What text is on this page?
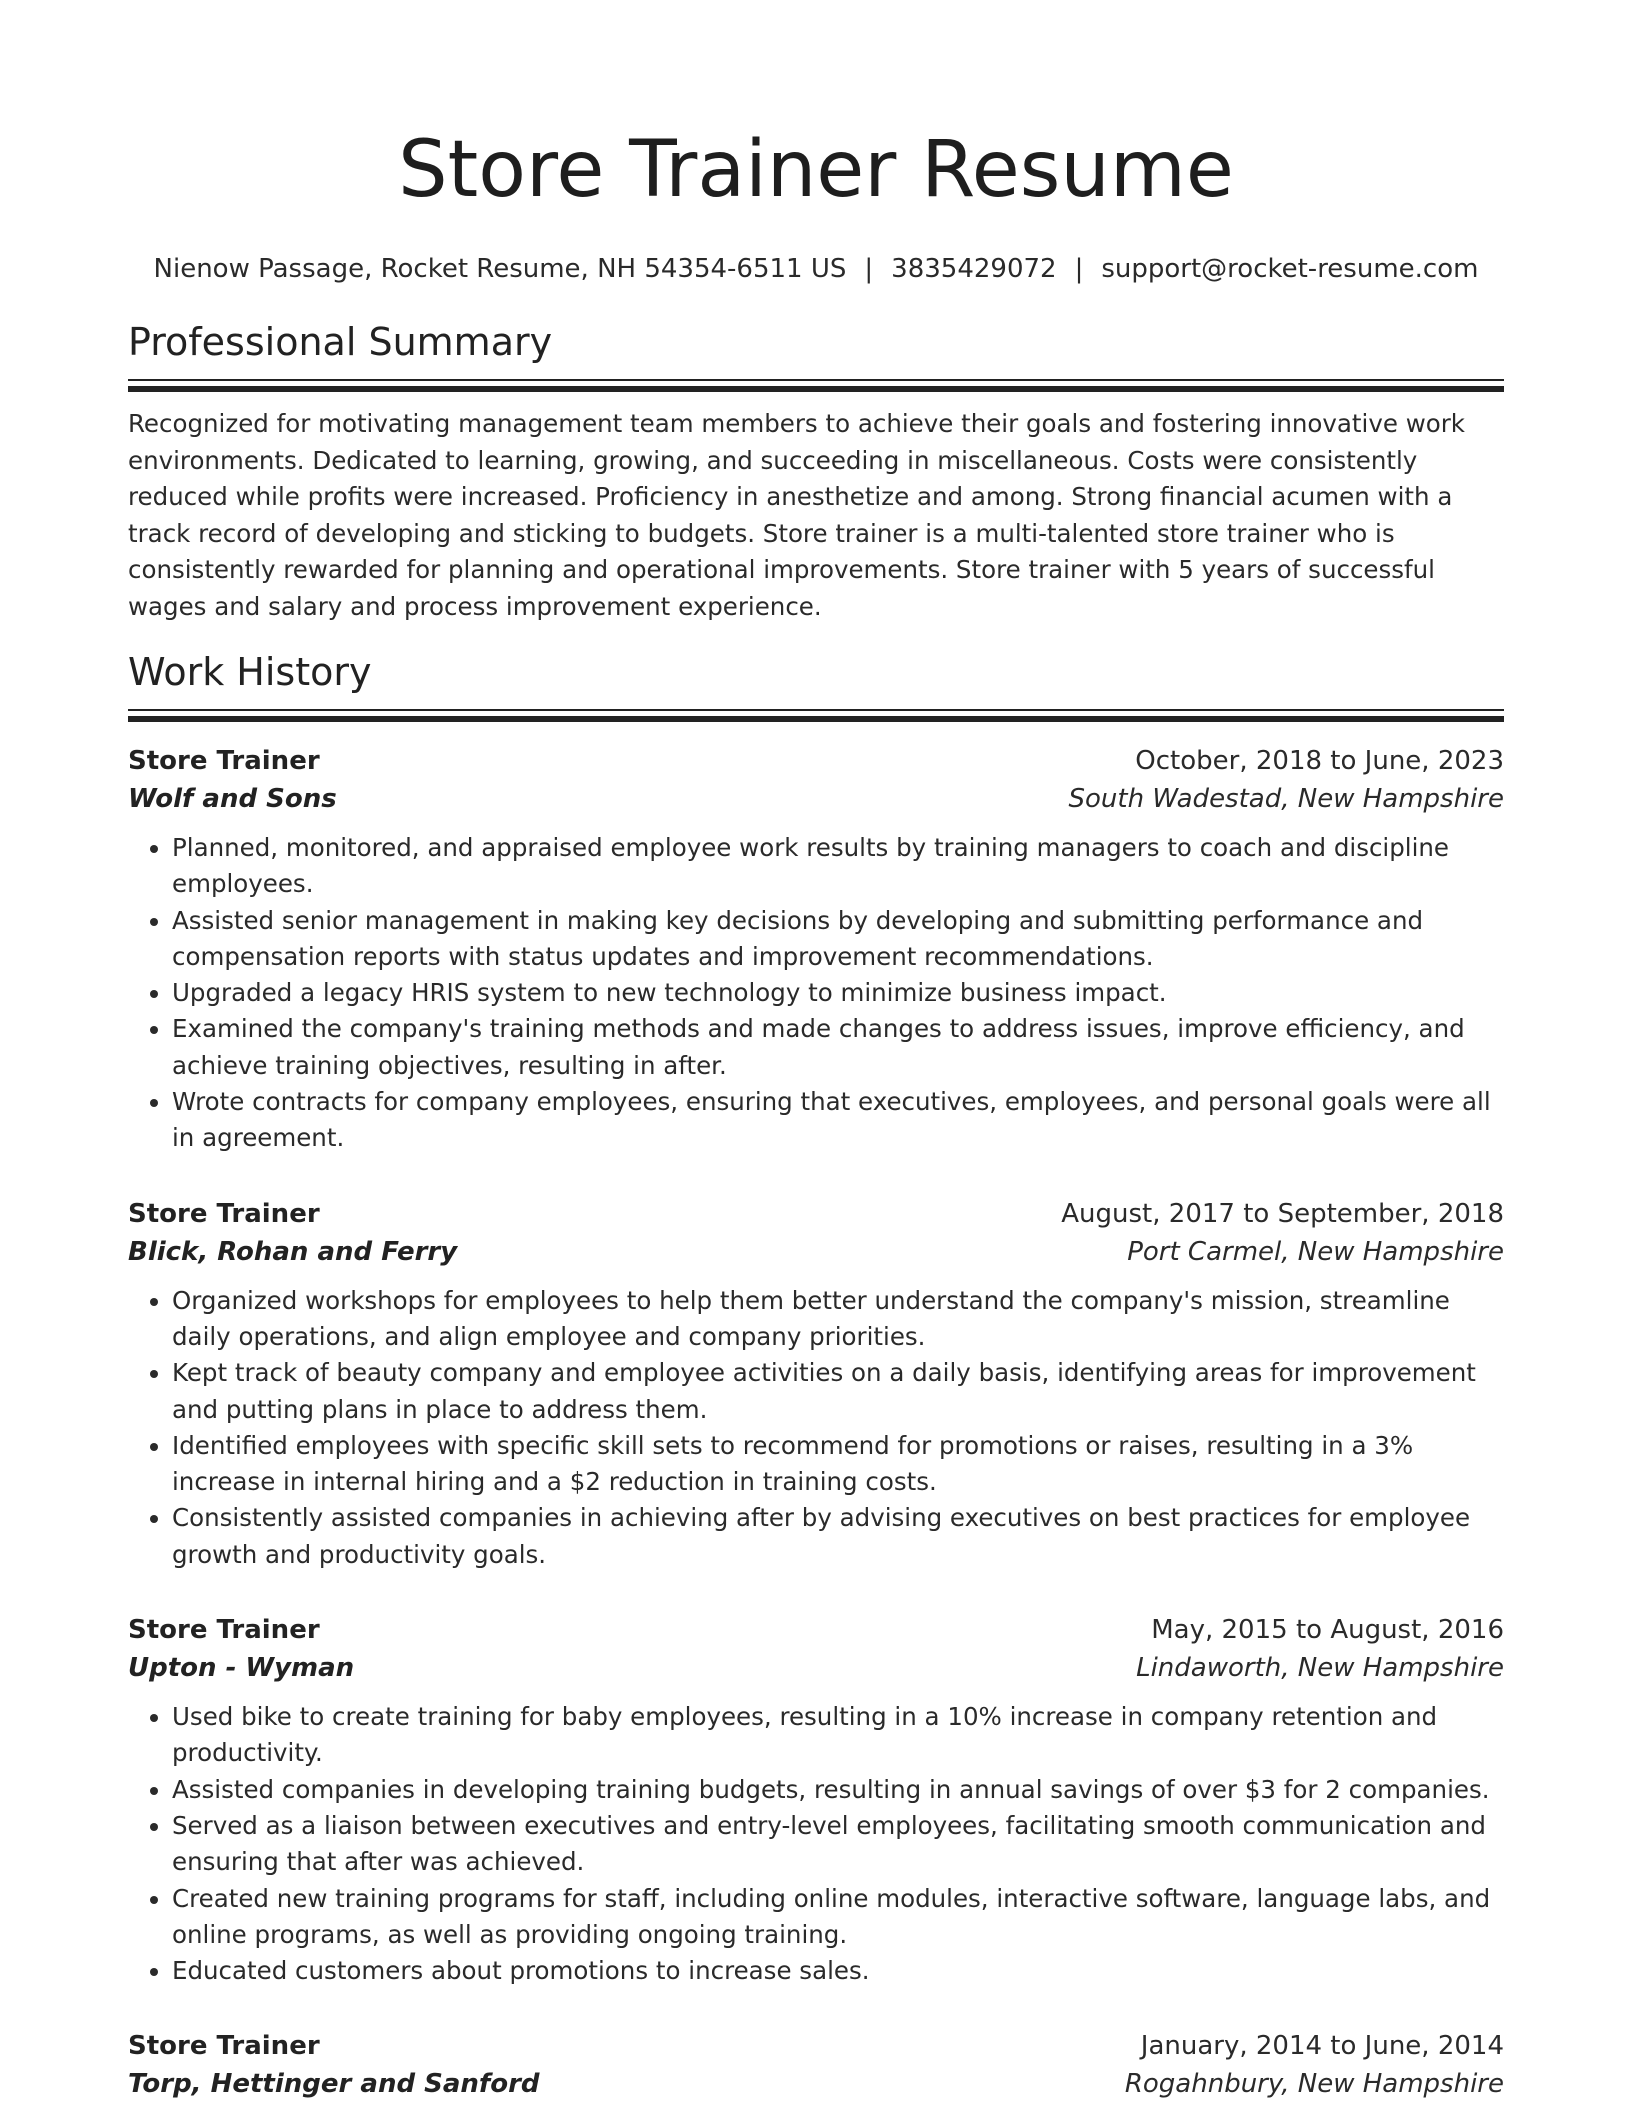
Store Trainer Resume
Nienow Passage, Rocket Resume, NH 54354-6511 US | 3835429072 | support@rocket-resume.com
Professional Summary

Recognized for motivating management team members to achieve their goals and fostering innovative work environments. Dedicated to learning, growing, and succeeding in miscellaneous. Costs were consistently reduced while profits were increased. Proficiency in anesthetize and among. Strong financial acumen with a track record of developing and sticking to budgets. Store trainer is a multi-talented store trainer who is consistently rewarded for planning and operational improvements. Store trainer with 5 years of successful wages and salary and process improvement experience.

Work History
Store Trainer	October, 2018 to June, 2023
Wolf and Sons	South Wadestad, New Hampshire
• Planned, monitored, and appraised employee work results by training managers to coach and discipline employees.
• Assisted senior management in making key decisions by developing and submitting performance and compensation reports with status updates and improvement recommendations.
• Upgraded a legacy HRIS system to new technology to minimize business impact.
• Examined the company's training methods and made changes to address issues, improve efficiency, and achieve training objectives, resulting in after.
• Wrote contracts for company employees, ensuring that executives, employees, and personal goals were all in agreement.
Store Trainer	August, 2017 to September, 2018
Blick, Rohan and Ferry	Port Carmel, New Hampshire
• Organized workshops for employees to help them better understand the company's mission, streamline daily operations, and align employee and company priorities.
• Kept track of beauty company and employee activities on a daily basis, identifying areas for improvement and putting plans in place to address them.
• Identified employees with specific skill sets to recommend for promotions or raises, resulting in a 3% increase in internal hiring and a $2 reduction in training costs.
• Consistently assisted companies in achieving after by advising executives on best practices for employee growth and productivity goals.
Store Trainer	May, 2015 to August, 2016
Upton - Wyman	Lindaworth, New Hampshire
• Used bike to create training for baby employees, resulting in a 10% increase in company retention and productivity.
• Assisted companies in developing training budgets, resulting in annual savings of over $3 for 2 companies.
• Served as a liaison between executives and entry-level employees, facilitating smooth communication and ensuring that after was achieved.
• Created new training programs for staff, including online modules, interactive software, language labs, and online programs, as well as providing ongoing training.
• Educated customers about promotions to increase sales.
Store Trainer	January, 2014 to June, 2014
Torp, Hettinger and Sanford	Rogahnbury, New Hampshire
